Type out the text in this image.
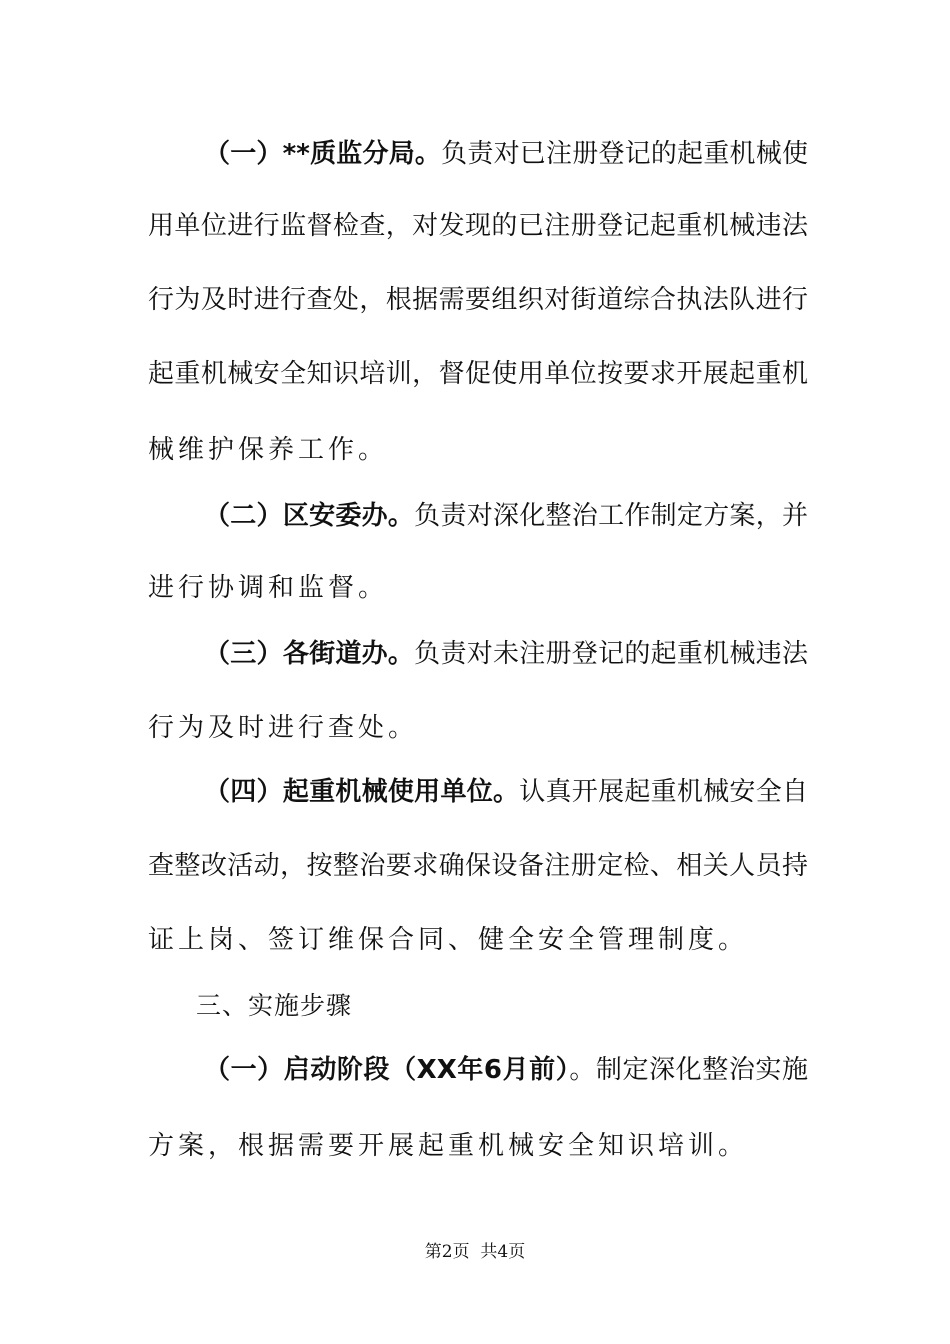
（一）**质监分局。负责对已注册登记的起重机械使
用单位进行监督检查，对发现的已注册登记起重机械违法
行为及时进行查处，根据需要组织对街道综合执法队进行
起重机械安全知识培训，督促使用单位按要求开展起重机
械维护保养工作。
（二）区安委办。负责对深化整治工作制定方案，并
进行协调和监督。
（三）各街道办。负责对未注册登记的起重机械违法
行为及时进行查处。
（四）起重机械使用单位。认真开展起重机械安全自
查整改活动，按整治要求确保设备注册定检、相关人员持
证上岗、签订维保合同、健全安全管理制度。
三、实施步骤
（一）启动阶段（XX年6月前）。制定深化整治实施
方案，根据需要开展起重机械安全知识培训。
第2页  共4页
